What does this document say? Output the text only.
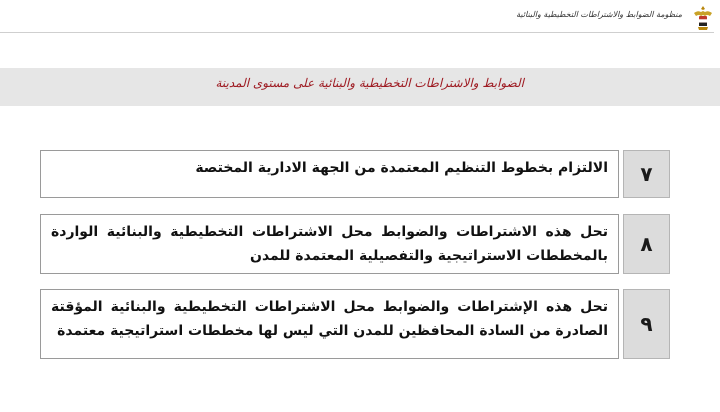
منظومة الضوابط والاشتراطات التخطيطية والبنائية
الضوابط والاشتراطات التخطيطية والبنائية على مستوى المدينة
الالتزام بخطوط التنظيم المعتمدة من الجهة الادارية المختصة	٧
تحل هذه الاشتراطات والضوابط محل الاشتراطات التخطيطية والبنائية الواردة بالمخططات الاستراتيجية والتفصيلية المعتمدة للمدن	٨
تحل هذه الإشتراطات والضوابط محل الاشتراطات التخطيطية والبنائية المؤقتة الصادرة من السادة المحافظين للمدن التي ليس لها مخططات استراتيجية معتمدة	٩
